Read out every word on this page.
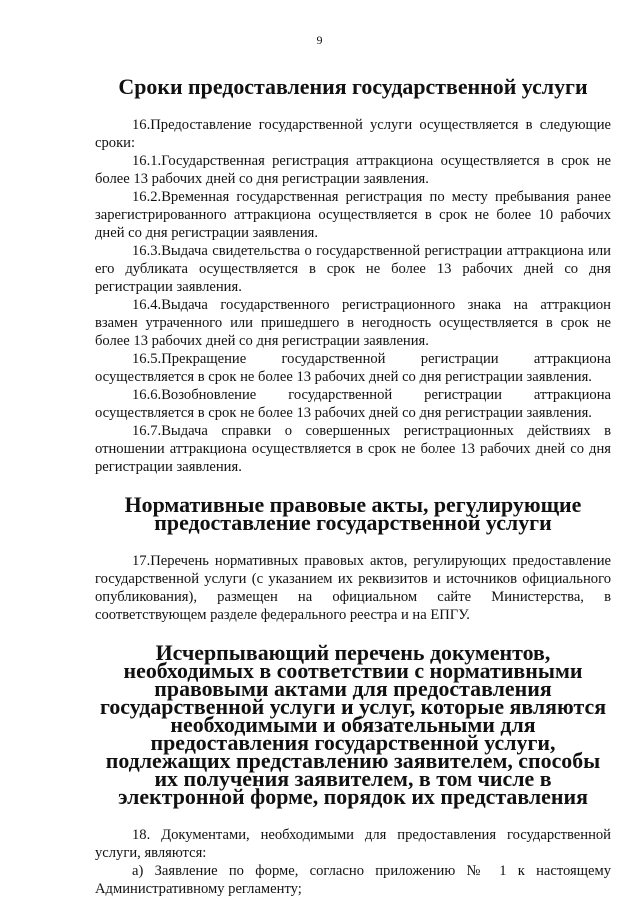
9
Сроки предоставления государственной услуги

16.Предоставление государственной услуги осуществляется в следующие сроки:

16.1.Государственная регистрация аттракциона осуществляется в срок не более 13 рабочих дней со дня регистрации заявления.

16.2.Временная государственная регистрация по месту пребывания ранее зарегистрированного аттракциона осуществляется в срок не более 10 рабочих дней со дня регистрации заявления.

16.3.Выдача свидетельства о государственной регистрации аттракциона или его дубликата осуществляется в срок не более 13 рабочих дней со дня регистрации заявления.

16.4.Выдача государственного регистрационного знака на аттракцион взамен утраченного или пришедшего в негодность осуществляется в срок не более 13 рабочих дней со дня регистрации заявления.

16.5.Прекращение государственной регистрации аттракциона осуществляется в срок не более 13 рабочих дней со дня регистрации заявления.

16.6.Возобновление государственной регистрации аттракциона осуществляется в срок не более 13 рабочих дней со дня регистрации заявления.

16.7.Выдача справки о совершенных регистрационных действиях в отношении аттракциона осуществляется в срок не более 13 рабочих дней со дня регистрации заявления.

Нормативные правовые акты, регулирующие предоставление государственной услуги

17.Перечень нормативных правовых актов, регулирующих предоставление государственной услуги (с указанием их реквизитов и источников официального опубликования), размещен на официальном сайте Министерства, в соответствующем разделе федерального реестра и на ЕПГУ.

Исчерпывающий перечень документов, необходимых в соответствии с нормативными правовыми актами для предоставления государственной услуги и услуг, которые являются необходимыми и обязательными для предоставления государственной услуги, подлежащих представлению заявителем, способы их получения заявителем, в том числе в электронной форме, порядок их представления

18. Документами, необходимыми для предоставления государственной услуги, являются:

а) Заявление по форме, согласно приложению № 1 к настоящему Административному регламенту;
